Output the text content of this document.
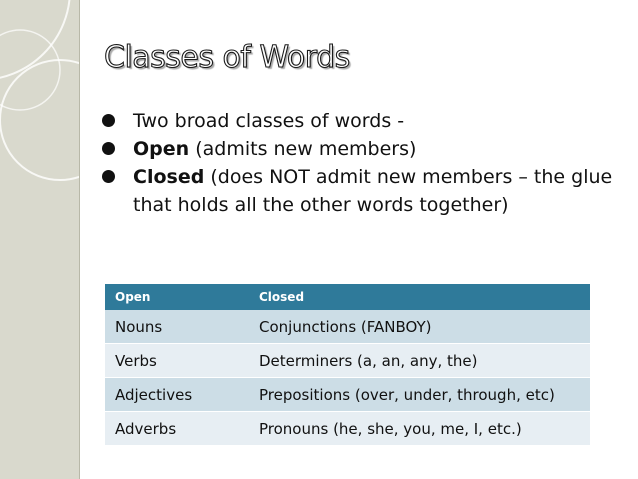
Classes of Words
Two broad classes of words -
Open (admits new members)
Closed (does NOT admit new members – the glue that holds all the other words together)
Open	Closed
Nouns	Conjunctions (FANBOY)
Verbs	Determiners (a, an, any, the)
Adjectives	Prepositions (over, under, through, etc)
Adverbs	Pronouns (he, she, you, me, I, etc.)
